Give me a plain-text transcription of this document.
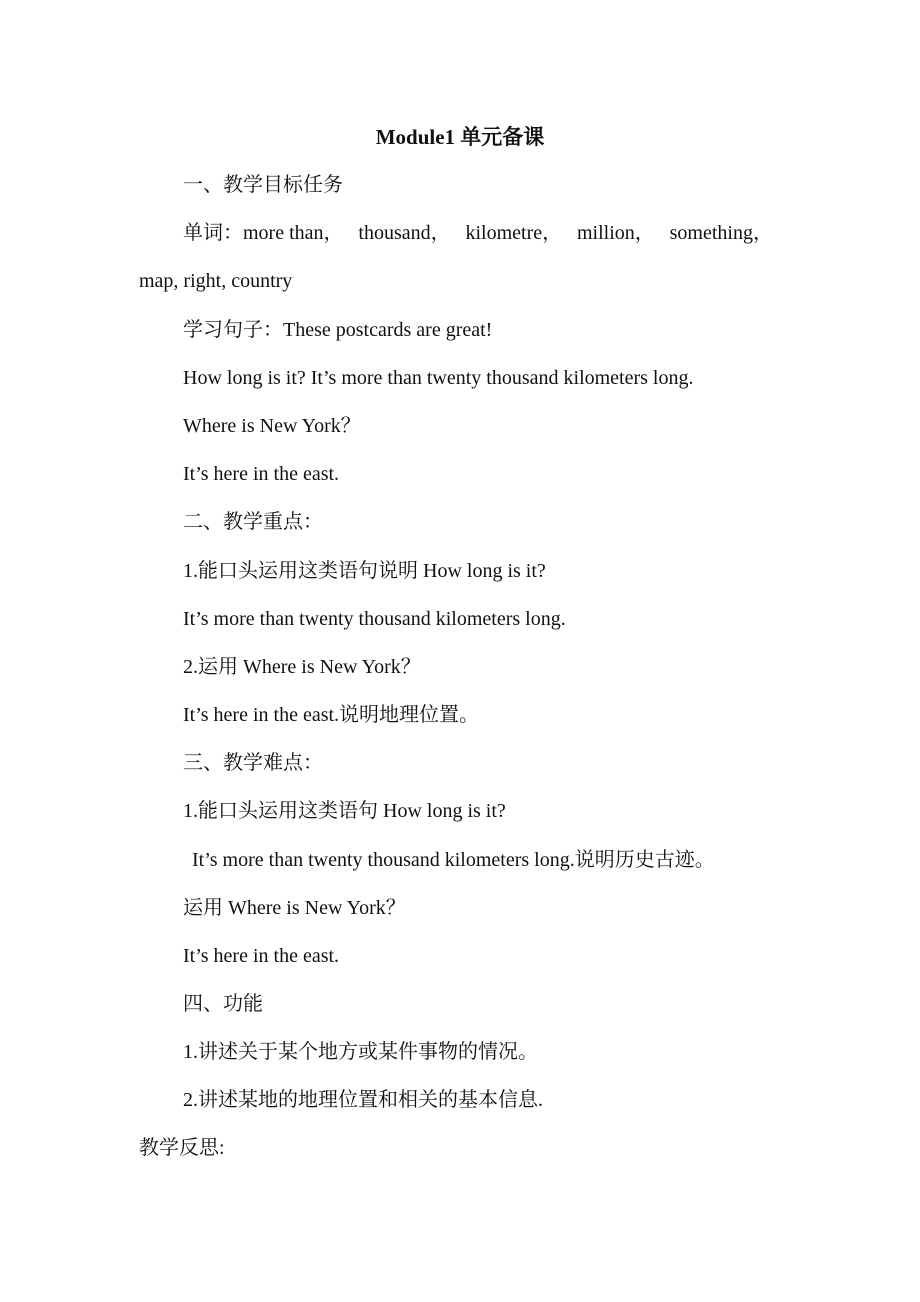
Module1 单元备课
一、教学目标任务
单词：more than， thousand， kilometre， million， something，
map, right, country
学习句子：These postcards are great!
How long is it? It’s more than twenty thousand kilometers long.
Where is New York？
It’s here in the east.
二、教学重点：
1.能口头运用这类语句说明 How long is it?
It’s more than twenty thousand kilometers long.
2.运用 Where is New York？
It’s here in the east.说明地理位置。
三、教学难点：
1.能口头运用这类语句 How long is it?
It’s more than twenty thousand kilometers long.说明历史古迹。
运用 Where is New York？
It’s here in the east.
四、功能
1.讲述关于某个地方或某件事物的情况。
2.讲述某地的地理位置和相关的基本信息.
教学反思:
